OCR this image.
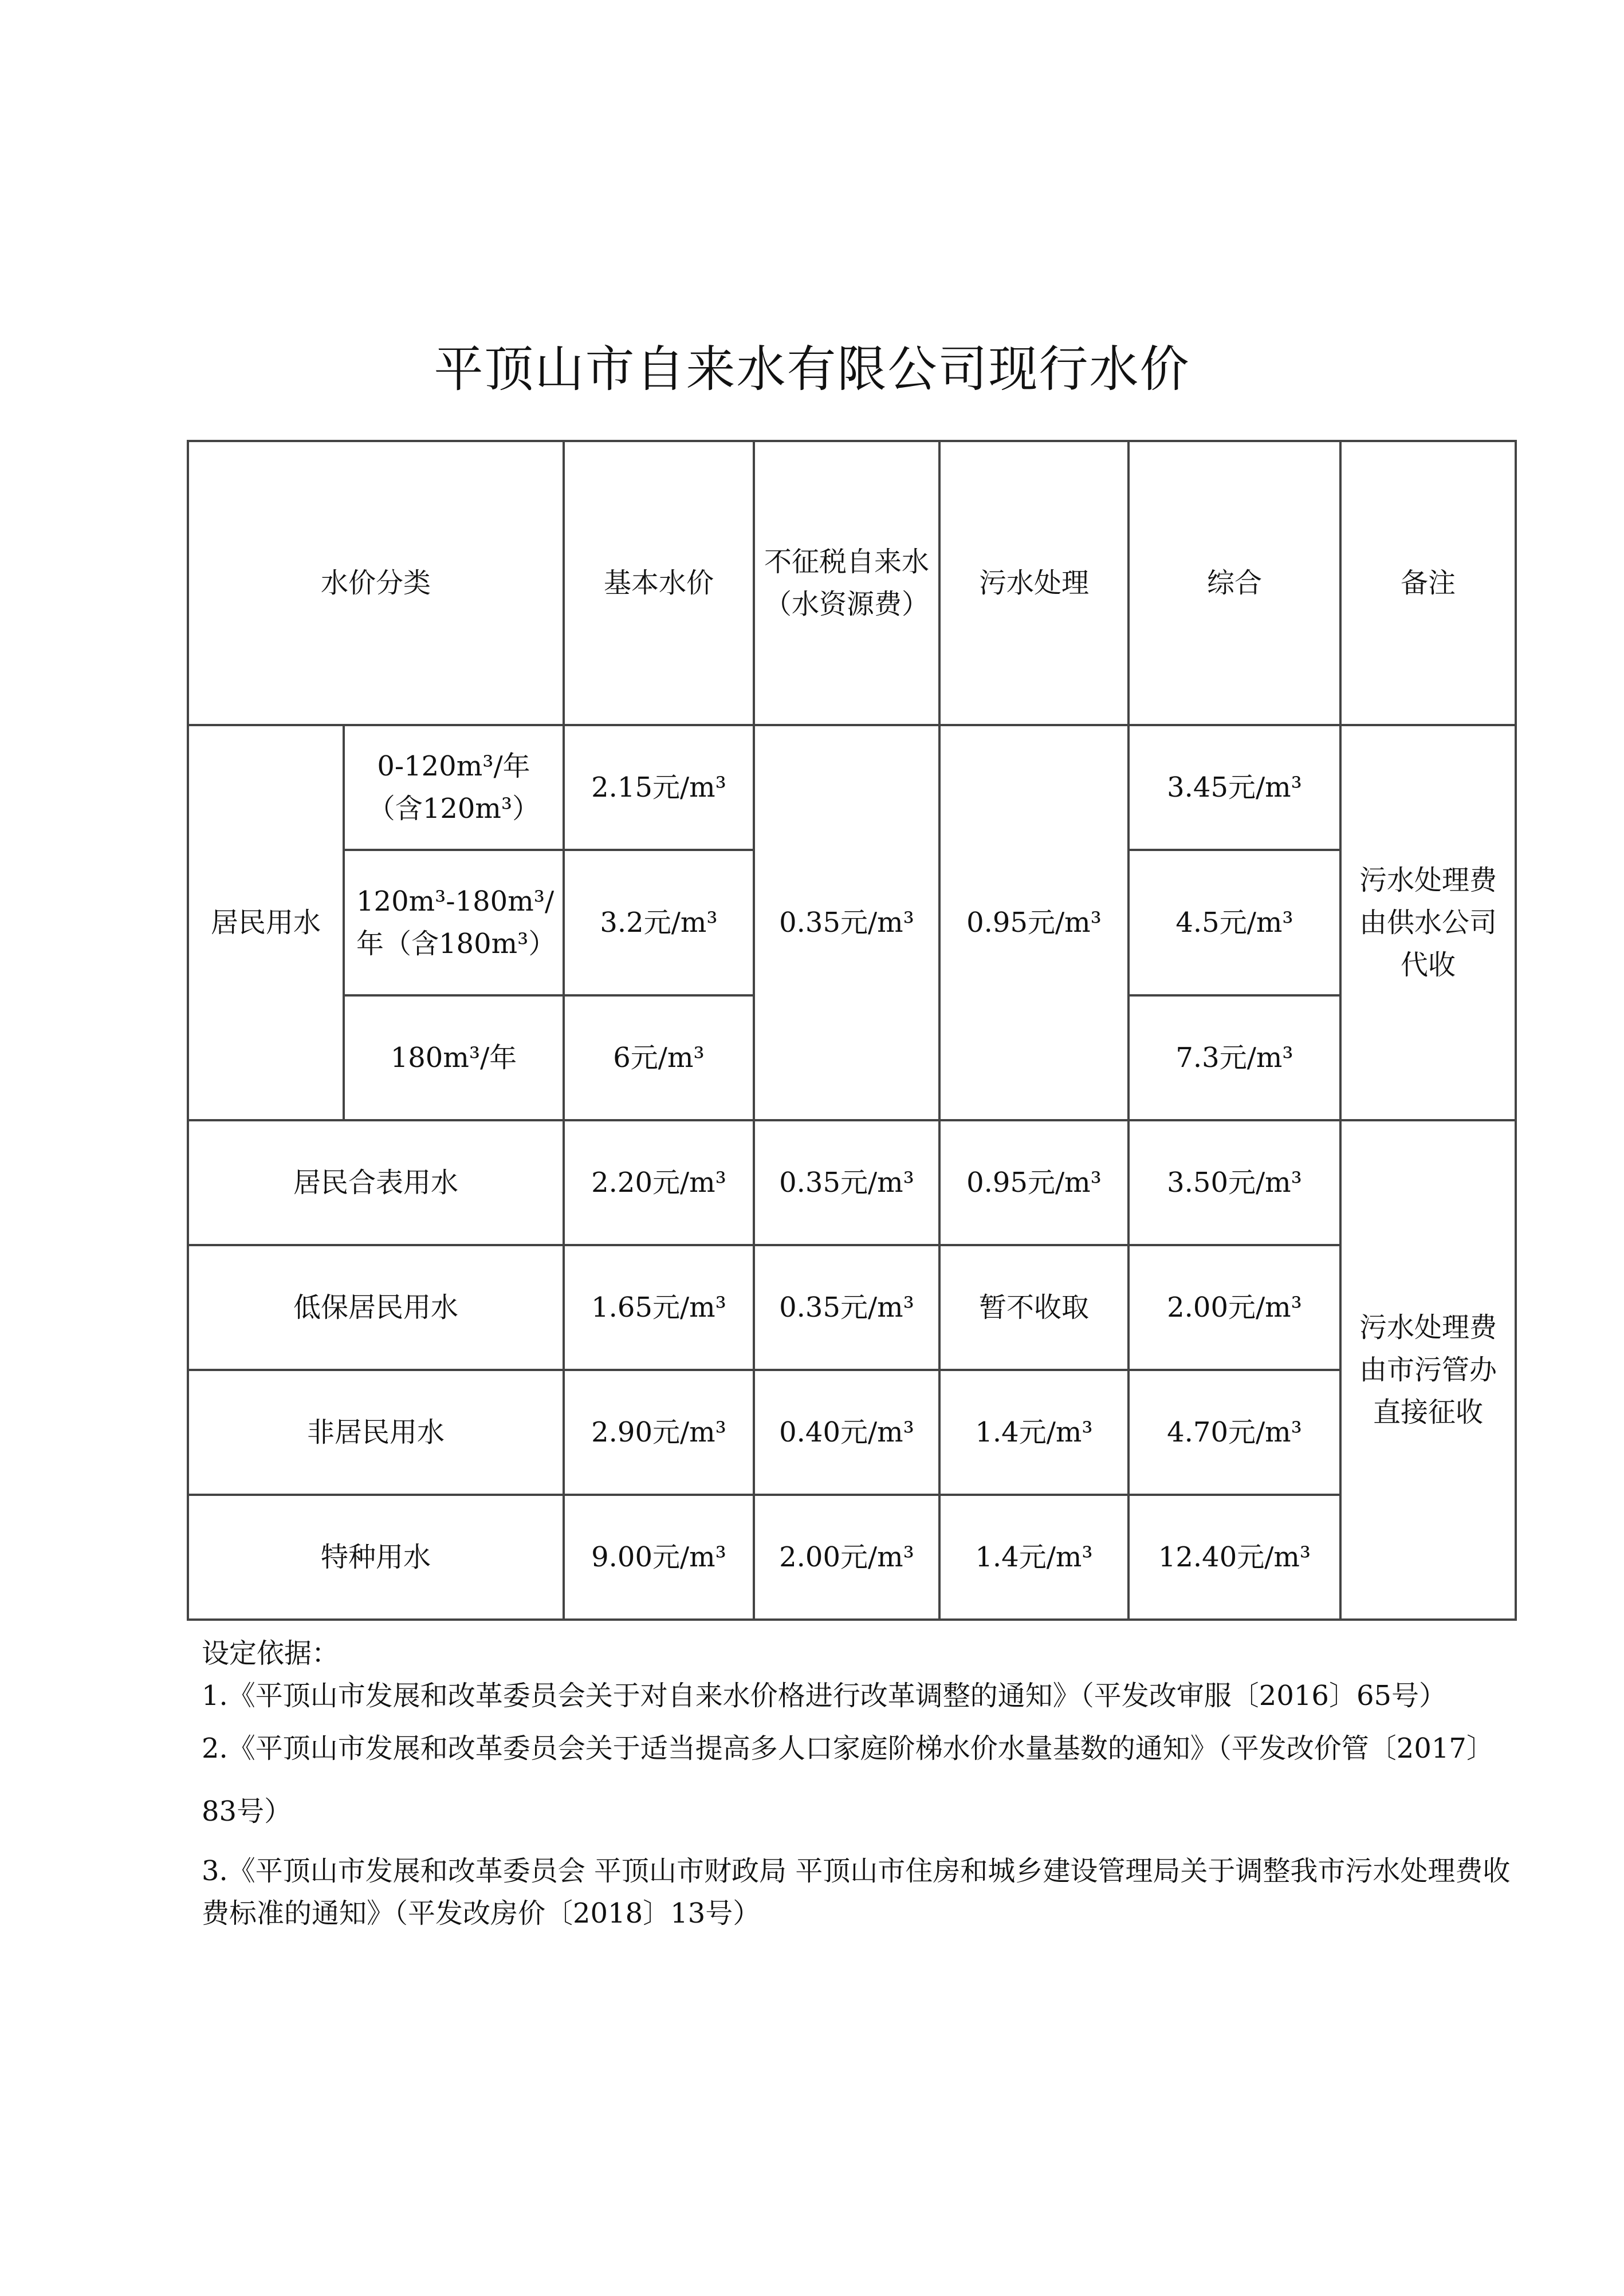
平顶山市自来水有限公司现行水价
水价分类		基本水价	不征税自来水（水资源费）	污水处理	综合	备注
居民用水	0-120m³/年（含120m³）	2.15元/m³	0.35元/m³	0.95元/m³	3.45元/m³	污水处理费由供水公司代收
	120m³-180m³/年（含180m³）	3.2元/m³			4.5元/m³	
	180m³/年	6元/m³			7.3元/m³	
居民合表用水		2.20元/m³	0.35元/m³	0.95元/m³	3.50元/m³	污水处理费由市污管办直接征收
低保居民用水		1.65元/m³	0.35元/m³	暂不收取	2.00元/m³	
非居民用水		2.90元/m³	0.40元/m³	1.4元/m³	4.70元/m³	
特种用水		9.00元/m³	2.00元/m³	1.4元/m³	12.40元/m³	

设定依据：

1.《平顶山市发展和改革委员会关于对自来水价格进行改革调整的通知》（平发改审服〔2016〕65号）

2.《平顶山市发展和改革委员会关于适当提高多人口家庭阶梯水价水量基数的通知》（平发改价管〔2017〕83号）

3.《平顶山市发展和改革委员会 平顶山市财政局 平顶山市住房和城乡建设管理局关于调整我市污水处理费收费标准的通知》（平发改房价〔2018〕13号）
